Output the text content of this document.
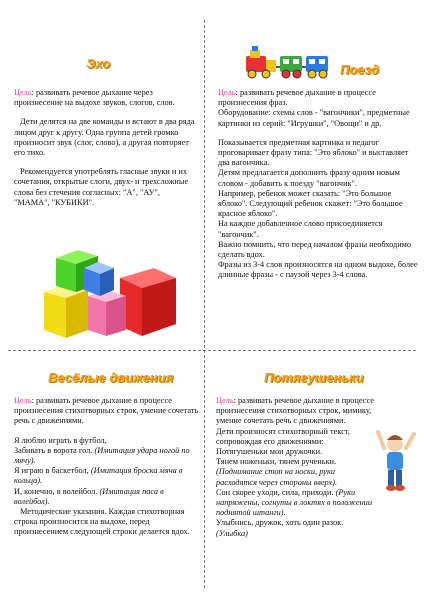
Эхо

Цель: развивать речевое дыхание через произнесение на выдохе звуков, слогов, слов.

Дети делятся на две команды и встают в два ряда лицом друг к другу. Одна группа детей громко произносит звук (слог, слово), а другая повторяет его тихо.

Рекомендуется употреблять гласные звуки и их сочетания, открытые слоги, двух- и трехсложные слова без стечения согласных: "А", "АУ", "МАМА", "КУБИКИ".

Поезд

Цель: развивать речевое дыхание в процессе произнесения фраз.

Оборудование: схемы слов - "вагончики", предметные картинки из серий: "Игрушки", "Овощи" и др.

Показывается предметная картинка и педагог проговаривает фразу типа: "Это яблоко" и выставляет два вагончика.

Детям предлагается дополнить фразу одним новым словом - добавить к поезду "вагончик".

Например, ребенок может сказать: "Это большое яблоко". Следующий ребенок скажет: "Это большое красное яблоко".

На каждое добавленное слово присоединяется "вагончик".

Важно помнить, что перед началом фразы необходимо сделать вдох.

Фразы из 3-4 слов произносятся на одном выдохе, более длинные фразы - с паузой через 3-4 слова.

Весёлые движения

Цель: развивать речевое дыхание в процессе произнесения стихотворных строк, умение сочетать речь с движениями.

Я люблю играть в футбол,

Забивать в ворота гол. (Имитация удара ногой по мячу).

Я играю в баскетбол, (Имитация броска мяча в кольцо).

И, конечно, в волейбол. (Имитация паса в волейбол).

Методические указания. Каждая стихотворная строка произносится на выдохе, перед произнесением следующей строки делается вдох.

Потягушеньки

Цель: развивать речевое дыхание в процессе произнесения стихотворных строк, мимику, умение сочетать речь с движениями.

Дети произносят стихотворный текст, сопровождая его движениями:

Потягушеньки мои дружочки.

Тянем ноженьки, тянем рученьки.

(Поднимание стоп на носки, руки расходятся через стороны вверх).

Сон скорее уходи, сила, приходи. (Руки напряжены, согнуты в локтях в положении поднятой штанги).

Улыбнись, дружок, хоть один разок.

(Улыбка)
